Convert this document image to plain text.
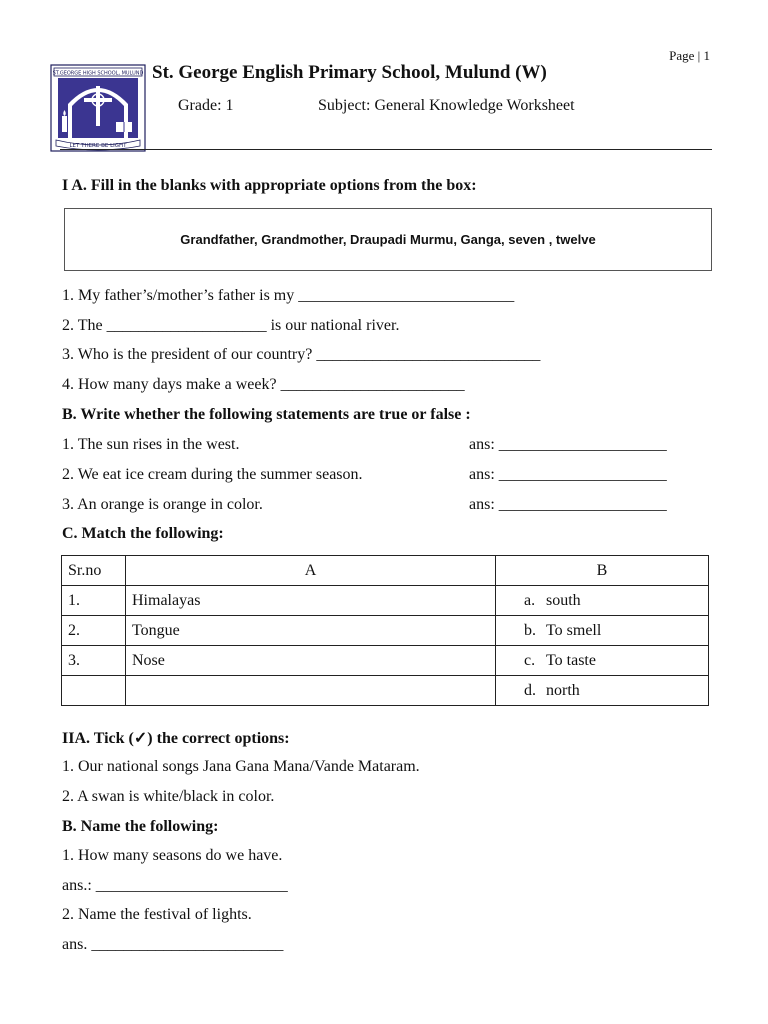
Page | 1
ST.GEORGE HIGH SCHOOL, MULUND
LET THERE BE LIGHT
St. George English Primary School, Mulund (W)
Grade: 1	Subject: General Knowledge Worksheet
I A. Fill in the blanks with appropriate options from the box:
Grandfather, Grandmother, Draupadi Murmu, Ganga, seven , twelve
1. My father’s/mother’s father is my ___________________________
2. The ____________________ is our national river.
3. Who is the president of our country? ____________________________
4. How many days make a week? _______________________
B. Write whether the following statements are true or false :
1. The sun rises in the west.	ans: _____________________
2. We eat ice cream during the summer season.	ans: _____________________
3. An orange is orange in color.	ans: _____________________
C. Match the following:
Sr.no	A	B
1.	Himalayas	a. south
2.	Tongue	b. To smell
3.	Nose	c. To taste
		d. north
IIA. Tick (✓) the correct options:
1. Our national songs Jana Gana Mana/Vande Mataram.
2. A swan is white/black in color.
B. Name the following:
1. How many seasons do we have.
ans.: ________________________
2. Name the festival of lights.
ans. ________________________
